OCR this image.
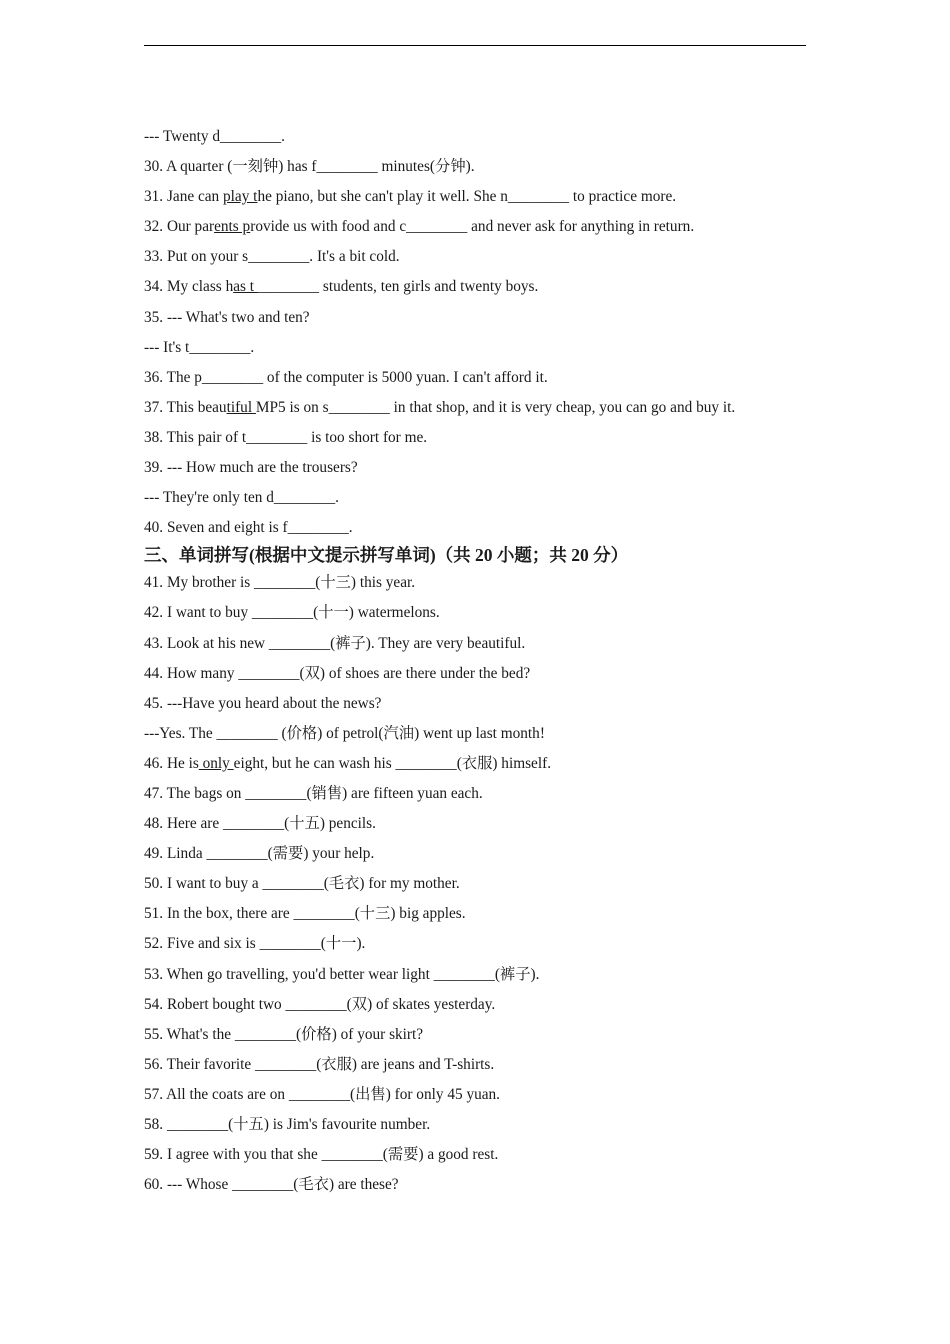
--- Twenty d________.
30. A quarter (一刻钟) has f________ minutes(分钟).
31. Jane can play the piano, but she can't play it well. She n________ to practice more.
32. Our parents provide us with food and c________ and never ask for anything in return.
33. Put on your s________. It's a bit cold.
34. My class has t ________ students, ten girls and twenty boys.
35. --- What's two and ten?
--- It's t________.
36. The p________ of the computer is 5000 yuan. I can't afford it.
37. This beautiful MP5 is on s________ in that shop, and it is very cheap, you can go and buy it.
38. This pair of t________ is too short for me.
39. --- How much are the trousers?
--- They're only ten d________.
40. Seven and eight is f________.
三、单词拼写(根据中文提示拼写单词)（共 20 小题；共 20 分）
41. My brother is ________(十三) this year.
42. I want to buy ________(十一) watermelons.
43. Look at his new ________(裤子). They are very beautiful.
44. How many ________(双) of shoes are there under the bed?
45. ---Have you heard about the news?
---Yes. The ________ (价格) of petrol(汽油) went up last month!
46. He is only eight, but he can wash his ________(衣服) himself.
47. The bags on ________(销售) are fifteen yuan each.
48. Here are ________(十五) pencils.
49. Linda ________(需要) your help.
50. I want to buy a ________(毛衣) for my mother.
51. In the box, there are ________(十三) big apples.
52. Five and six is ________(十一).
53. When go travelling, you'd better wear light ________(裤子).
54. Robert bought two ________(双) of skates yesterday.
55. What's the ________(价格) of your skirt?
56. Their favorite ________(衣服) are jeans and T-shirts.
57. All the coats are on ________(出售) for only 45 yuan.
58. ________(十五) is Jim's favourite number.
59. I agree with you that she ________(需要) a good rest.
60. --- Whose ________(毛衣) are these?
